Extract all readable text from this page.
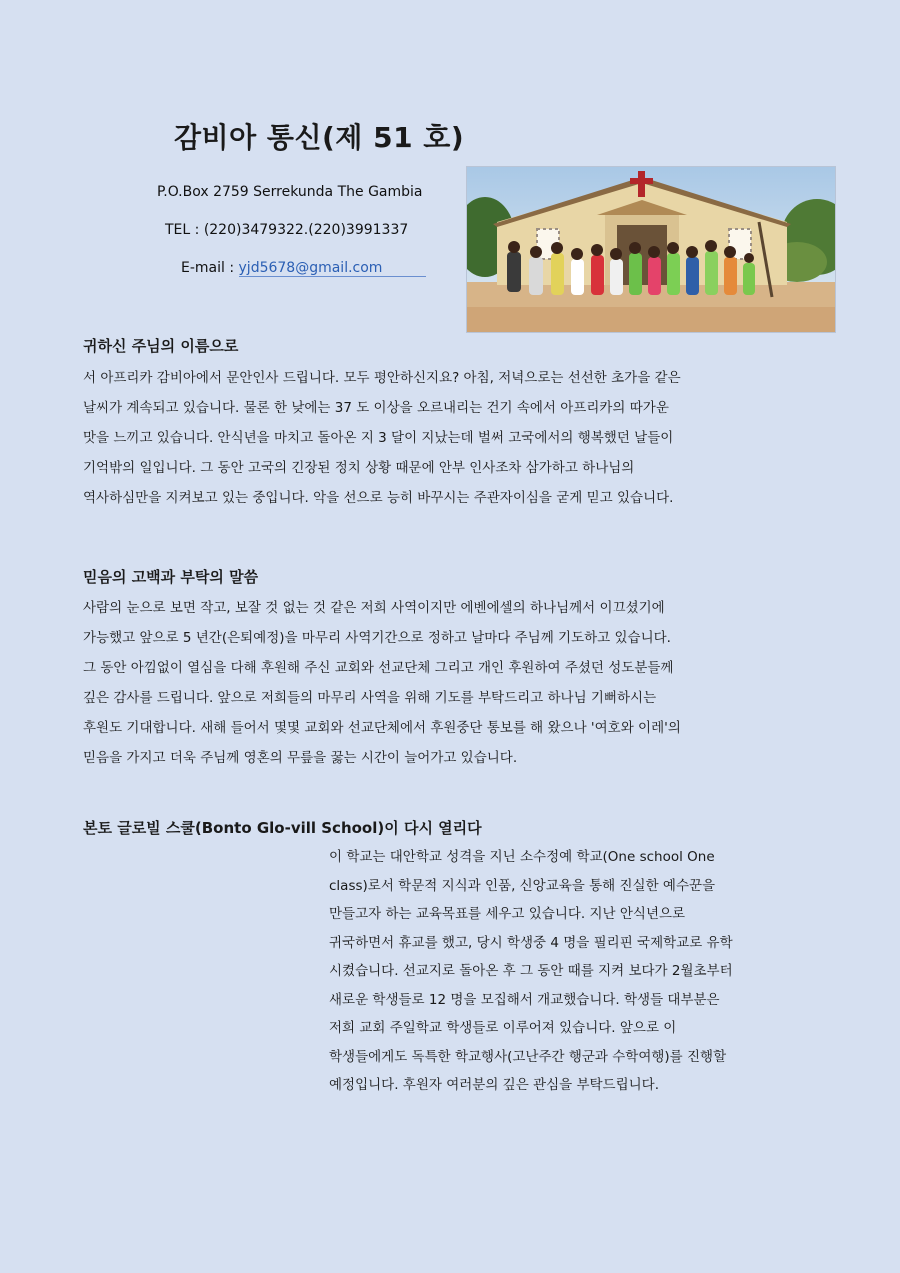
감비아 통신(제 51 호)
P.O.Box 2759 Serrekunda The Gambia
TEL : (220)3479322.(220)3991337
E-mail : yjd5678@gmail.com
귀하신 주님의 이름으로
서 아프리카 감비아에서 문안인사 드립니다. 모두 평안하신지요? 아침, 저녁으로는 선선한 초가을 같은
날씨가 계속되고 있습니다. 물론 한 낮에는 37 도 이상을 오르내리는 건기 속에서 아프리카의 따가운
맛을 느끼고 있습니다. 안식년을 마치고 돌아온 지 3 달이 지났는데 벌써 고국에서의 행복했던 날들이
기억밖의 일입니다. 그 동안 고국의 긴장된 정치 상황 때문에 안부 인사조차 삼가하고 하나님의
역사하심만을 지켜보고 있는 중입니다. 악을 선으로 능히 바꾸시는 주관자이심을 굳게 믿고 있습니다.
믿음의 고백과 부탁의 말씀
사람의 눈으로 보면 작고, 보잘 것 없는 것 같은 저희 사역이지만 에벤에셀의 하나님께서 이끄셨기에
가능했고 앞으로 5 년간(은퇴예정)을 마무리 사역기간으로 정하고 날마다 주님께 기도하고 있습니다.
그 동안 아낌없이 열심을 다해 후원해 주신 교회와 선교단체 그리고 개인 후원하여 주셨던 성도분들께
깊은 감사를 드립니다. 앞으로 저희들의 마무리 사역을 위해 기도를 부탁드리고 하나님 기뻐하시는
후원도 기대합니다. 새해 들어서 몇몇 교회와 선교단체에서 후원중단 통보를 해 왔으나 '여호와 이레'의
믿음을 가지고 더욱 주님께 영혼의 무릎을 꿇는 시간이 늘어가고 있습니다.
본토 글로빌 스쿨(Bonto Glo-vill School)이 다시 열리다
이 학교는 대안학교 성격을 지닌 소수정예 학교(One school One
class)로서 학문적 지식과 인품, 신앙교육을 통해 진실한 예수꾼을
만들고자 하는 교육목표를 세우고 있습니다. 지난 안식년으로
귀국하면서 휴교를 했고, 당시 학생중 4 명을 필리핀 국제학교로 유학
시켰습니다. 선교지로 돌아온 후 그 동안 때를 지켜 보다가 2월초부터
새로운 학생들로 12 명을 모집해서 개교했습니다. 학생들 대부분은
저희 교회 주일학교 학생들로 이루어져 있습니다. 앞으로 이
학생들에게도 독특한 학교행사(고난주간 행군과 수학여행)를 진행할
예정입니다. 후원자 여러분의 깊은 관심을 부탁드립니다.
